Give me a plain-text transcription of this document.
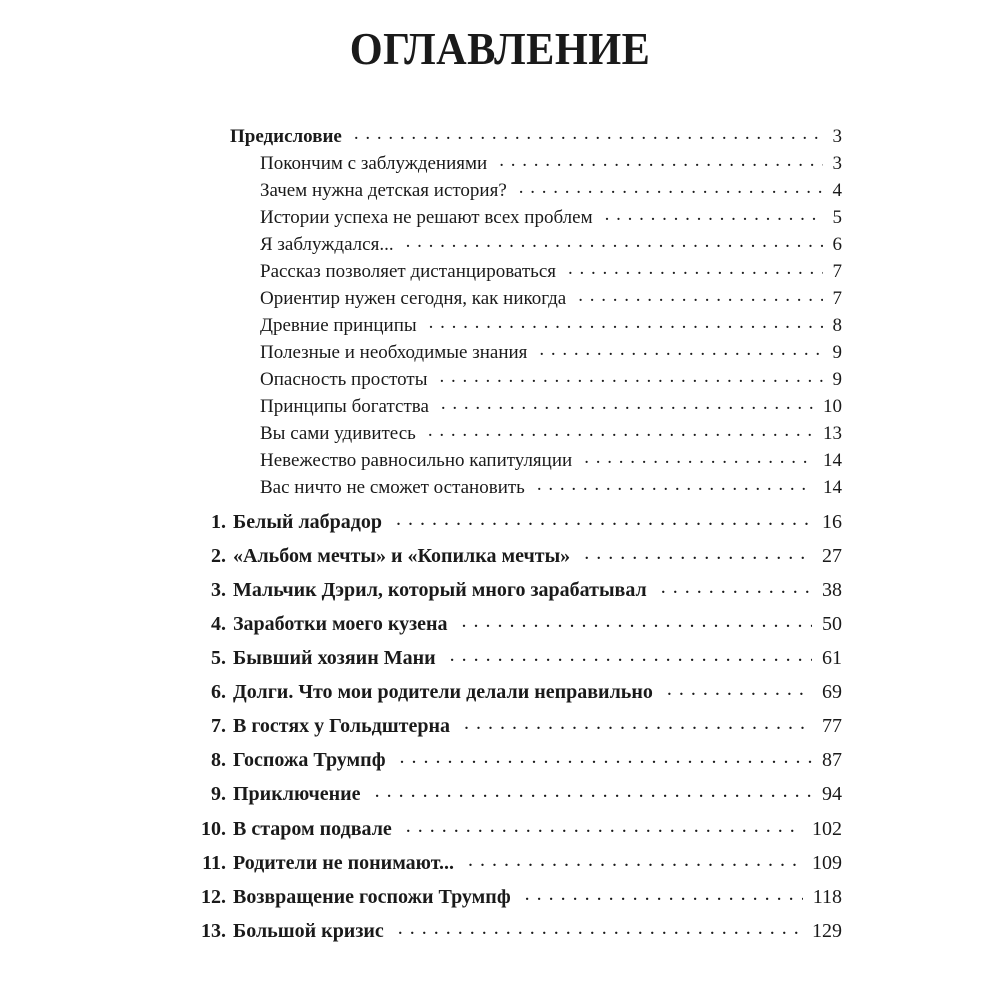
ОГЛАВЛЕНИЕ
Предисловие . . .	3
Покончим с заблуждениями . . .	3
Зачем нужна детская история? . . .	4
Истории успеха не решают всех проблем . . .	5
Я заблуждался... . . .	6
Рассказ позволяет дистанцироваться . . .	7
Ориентир нужен сегодня, как никогда . . .	7
Древние принципы . . .	8
Полезные и необходимые знания . . .	9
Опасность простоты . . .	9
Принципы богатства . . .	10
Вы сами удивитесь . . .	13
Невежество равносильно капитуляции . . .	14
Вас ничто не сможет остановить . . .	14
1. Белый лабрадор . . .	16
2. «Альбом мечты» и «Копилка мечты» . . .	27
3. Мальчик Дэрил, который много зарабатывал . . .	38
4. Заработки моего кузена . . .	50
5. Бывший хозяин Мани . . .	61
6. Долги. Что мои родители делали неправильно . . .	69
7. В гостях у Гольдштерна . . .	77
8. Госпожа Трумпф . . .	87
9. Приключение . . .	94
10. В старом подвале . . .	102
11. Родители не понимают... . . .	109
12. Возвращение госпожи Трумпф . . .	118
13. Большой кризис . . .	129
